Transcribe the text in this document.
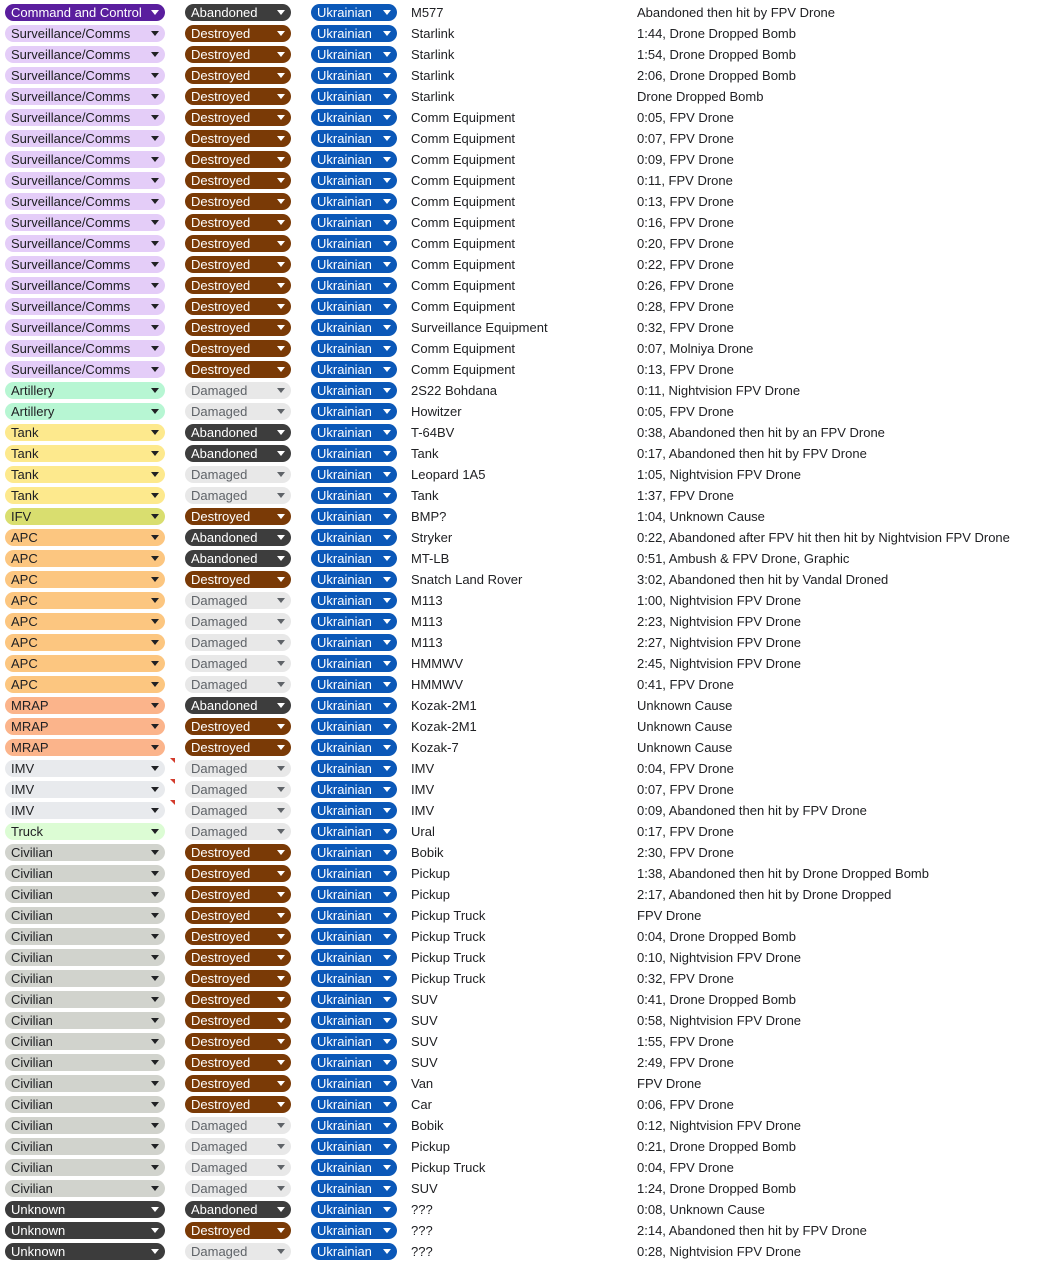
Command and Control	Abandoned	Ukrainian	M577	Abandoned then hit by FPV Drone
Surveillance/Comms	Destroyed	Ukrainian	Starlink	1:44, Drone Dropped Bomb
Surveillance/Comms	Destroyed	Ukrainian	Starlink	1:54, Drone Dropped Bomb
Surveillance/Comms	Destroyed	Ukrainian	Starlink	2:06, Drone Dropped Bomb
Surveillance/Comms	Destroyed	Ukrainian	Starlink	Drone Dropped Bomb
Surveillance/Comms	Destroyed	Ukrainian	Comm Equipment	0:05, FPV Drone
Surveillance/Comms	Destroyed	Ukrainian	Comm Equipment	0:07, FPV Drone
Surveillance/Comms	Destroyed	Ukrainian	Comm Equipment	0:09, FPV Drone
Surveillance/Comms	Destroyed	Ukrainian	Comm Equipment	0:11, FPV Drone
Surveillance/Comms	Destroyed	Ukrainian	Comm Equipment	0:13, FPV Drone
Surveillance/Comms	Destroyed	Ukrainian	Comm Equipment	0:16, FPV Drone
Surveillance/Comms	Destroyed	Ukrainian	Comm Equipment	0:20, FPV Drone
Surveillance/Comms	Destroyed	Ukrainian	Comm Equipment	0:22, FPV Drone
Surveillance/Comms	Destroyed	Ukrainian	Comm Equipment	0:26, FPV Drone
Surveillance/Comms	Destroyed	Ukrainian	Comm Equipment	0:28, FPV Drone
Surveillance/Comms	Destroyed	Ukrainian	Surveillance Equipment	0:32, FPV Drone
Surveillance/Comms	Destroyed	Ukrainian	Comm Equipment	0:07, Molniya Drone
Surveillance/Comms	Destroyed	Ukrainian	Comm Equipment	0:13, FPV Drone
Artillery	Damaged	Ukrainian	2S22 Bohdana	0:11, Nightvision FPV Drone
Artillery	Damaged	Ukrainian	Howitzer	0:05, FPV Drone
Tank	Abandoned	Ukrainian	T-64BV	0:38, Abandoned then hit by an FPV Drone
Tank	Abandoned	Ukrainian	Tank	0:17, Abandoned then hit by FPV Drone
Tank	Damaged	Ukrainian	Leopard 1A5	1:05, Nightvision FPV Drone
Tank	Damaged	Ukrainian	Tank	1:37, FPV Drone
IFV	Destroyed	Ukrainian	BMP?	1:04, Unknown Cause
APC	Abandoned	Ukrainian	Stryker	0:22, Abandoned after FPV hit then hit by Nightvision FPV Drone
APC	Abandoned	Ukrainian	MT-LB	0:51, Ambush & FPV Drone, Graphic
APC	Destroyed	Ukrainian	Snatch Land Rover	3:02, Abandoned then hit by Vandal Droned
APC	Damaged	Ukrainian	M113	1:00, Nightvision FPV Drone
APC	Damaged	Ukrainian	M113	2:23, Nightvision FPV Drone
APC	Damaged	Ukrainian	M113	2:27, Nightvision FPV Drone
APC	Damaged	Ukrainian	HMMWV	2:45, Nightvision FPV Drone
APC	Damaged	Ukrainian	HMMWV	0:41, FPV Drone
MRAP	Abandoned	Ukrainian	Kozak-2M1	Unknown Cause
MRAP	Destroyed	Ukrainian	Kozak-2M1	Unknown Cause
MRAP	Destroyed	Ukrainian	Kozak-7	Unknown Cause
IMV	Damaged	Ukrainian	IMV	0:04, FPV Drone
IMV	Damaged	Ukrainian	IMV	0:07, FPV Drone
IMV	Damaged	Ukrainian	IMV	0:09, Abandoned then hit by FPV Drone
Truck	Damaged	Ukrainian	Ural	0:17, FPV Drone
Civilian	Destroyed	Ukrainian	Bobik	2:30, FPV Drone
Civilian	Destroyed	Ukrainian	Pickup	1:38, Abandoned then hit by Drone Dropped Bomb
Civilian	Destroyed	Ukrainian	Pickup	2:17, Abandoned then hit by Drone Dropped
Civilian	Destroyed	Ukrainian	Pickup Truck	FPV Drone
Civilian	Destroyed	Ukrainian	Pickup Truck	0:04, Drone Dropped Bomb
Civilian	Destroyed	Ukrainian	Pickup Truck	0:10, Nightvision FPV Drone
Civilian	Destroyed	Ukrainian	Pickup Truck	0:32, FPV Drone
Civilian	Destroyed	Ukrainian	SUV	0:41, Drone Dropped Bomb
Civilian	Destroyed	Ukrainian	SUV	0:58, Nightvision FPV Drone
Civilian	Destroyed	Ukrainian	SUV	1:55, FPV Drone
Civilian	Destroyed	Ukrainian	SUV	2:49, FPV Drone
Civilian	Destroyed	Ukrainian	Van	FPV Drone
Civilian	Destroyed	Ukrainian	Car	0:06, FPV Drone
Civilian	Damaged	Ukrainian	Bobik	0:12, Nightvision FPV Drone
Civilian	Damaged	Ukrainian	Pickup	0:21, Drone Dropped Bomb
Civilian	Damaged	Ukrainian	Pickup Truck	0:04, FPV Drone
Civilian	Damaged	Ukrainian	SUV	1:24, Drone Dropped Bomb
Unknown	Abandoned	Ukrainian	???	0:08, Unknown Cause
Unknown	Destroyed	Ukrainian	???	2:14, Abandoned then hit by FPV Drone
Unknown	Damaged	Ukrainian	???	0:28, Nightvision FPV Drone
